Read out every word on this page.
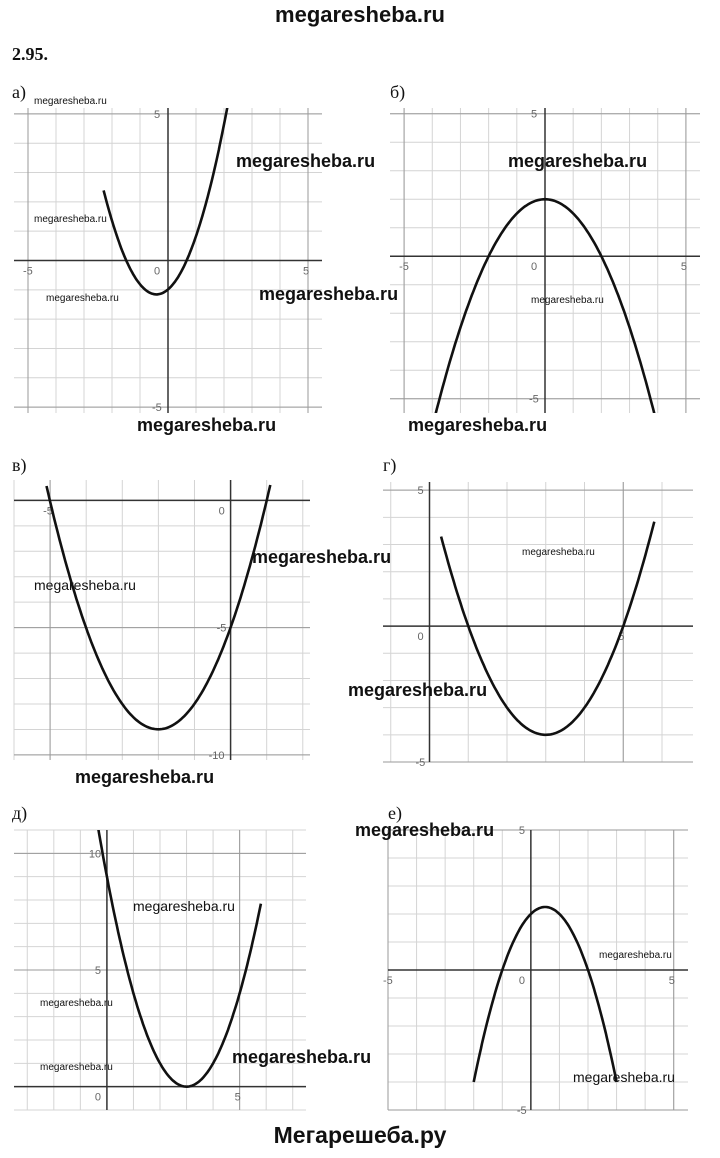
megaresheba.ru
2.95.
а)
-5	5
5
0
-5
б)
-5	5
5
0
-5
в)
-5	0
-5
-10
г)
5
0	5
-5
д)
10
5
0	5
е)
5
-5	0	5
-5
megaresheba.ru
megaresheba.ru
megaresheba.ru
megaresheba.ru	megaresheba.ru
megaresheba.ru
megaresheba.ru
megaresheba.ru	megaresheba.ru
megaresheba.ru	megaresheba.ru
megaresheba.ru
megaresheba.ru
megaresheba.ru
megaresheba.ru
megaresheba.ru
megaresheba.ru
megaresheba.ru
megaresheba.ru
megaresheba.ru
megaresheba.ru
Мегарешеба.ру
